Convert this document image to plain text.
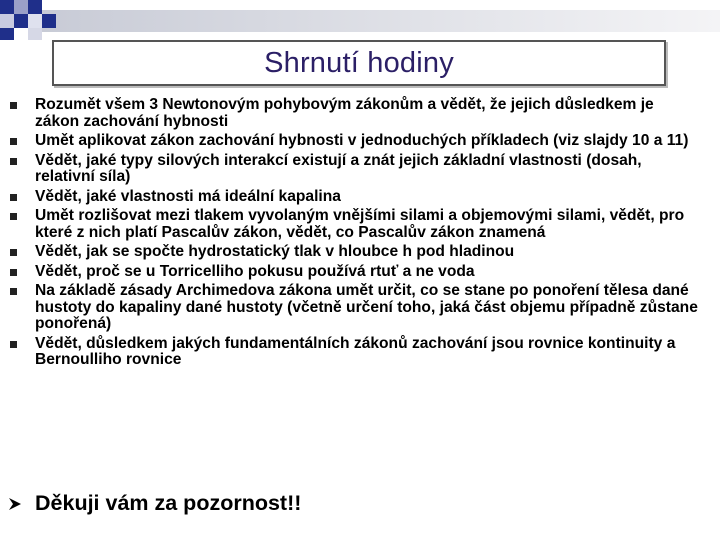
Shrnutí hodiny
Rozumět všem 3 Newtonovým pohybovým zákonům a vědět, že jejich důsledkem je zákon zachování hybnosti
Umět aplikovat zákon zachování hybnosti v jednoduchých příkladech (viz slajdy 10 a 11)
Vědět, jaké typy silových interakcí existují a znát jejich základní vlastnosti (dosah, relativní síla)
Vědět, jaké vlastnosti má ideální kapalina
Umět rozlišovat mezi tlakem vyvolaným vnějšími silami a objemovými silami, vědět, pro které z nich platí Pascalův zákon, vědět, co Pascalův zákon znamená
Vědět, jak se spočte hydrostatický tlak v hloubce h pod hladinou
Vědět, proč se u Torricelliho pokusu používá rtuť a ne voda
Na základě zásady Archimedova zákona umět určit, co se stane po ponoření tělesa dané hustoty do kapaliny dané hustoty (včetně určení toho, jaká část objemu případně zůstane ponořená)
Vědět, důsledkem jakých fundamentálních zákonů zachování jsou rovnice kontinuity a Bernoulliho rovnice
Děkuji vám za pozornost!!
